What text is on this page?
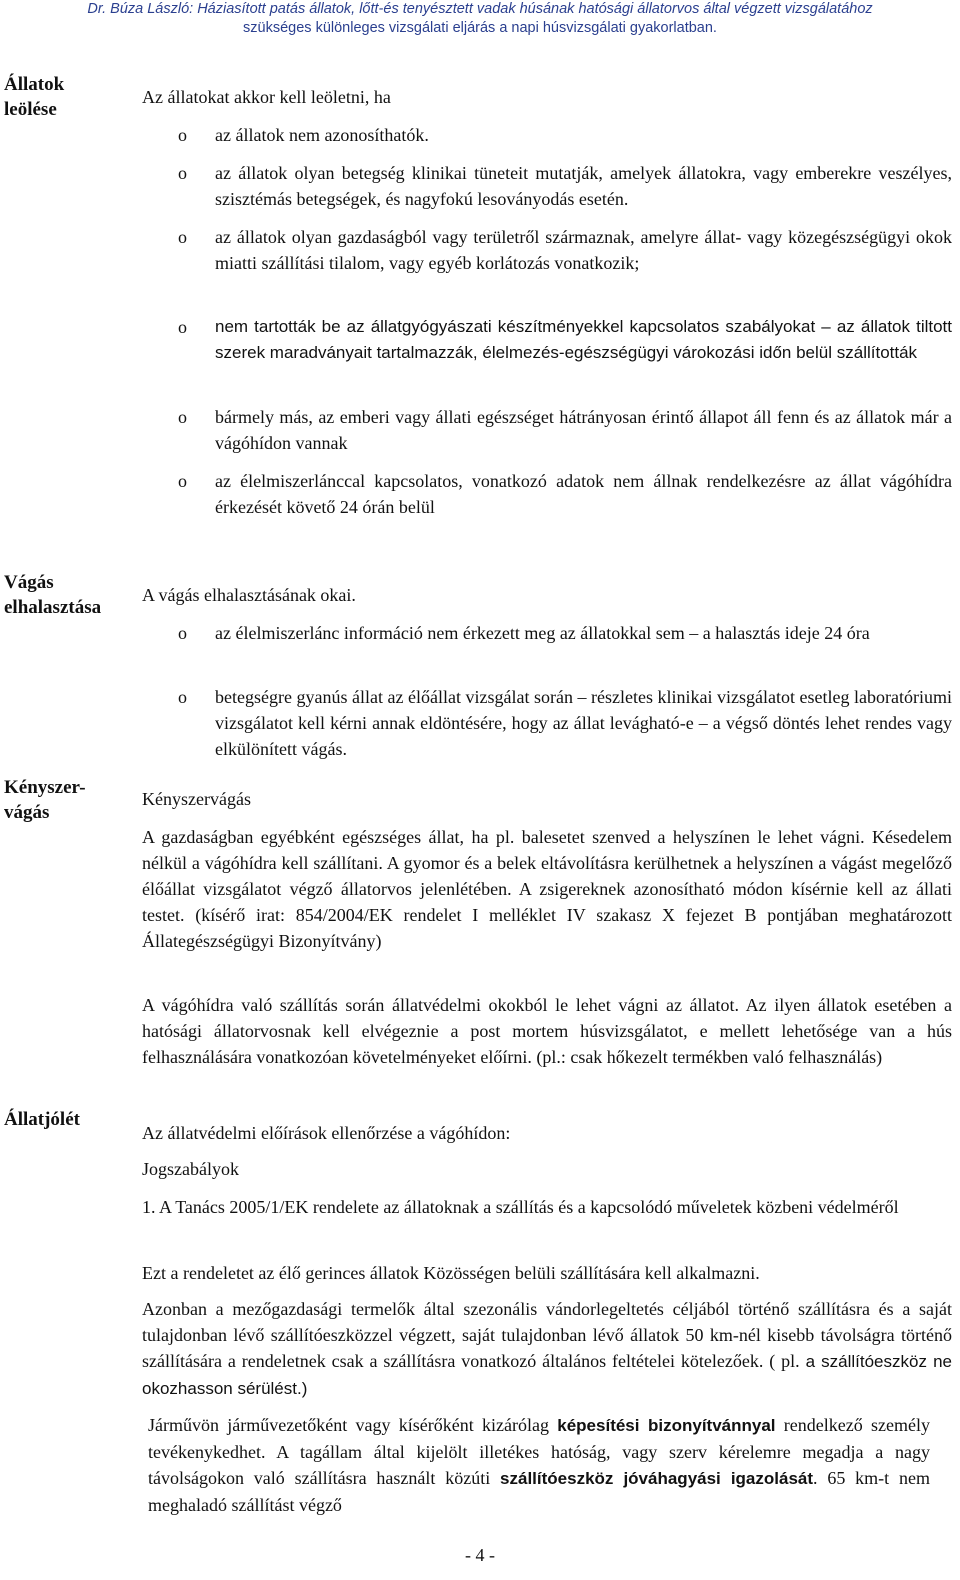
Dr. Búza László: Háziasított patás állatok, lőtt-és tenyésztett vadak húsának hatósági állatorvos által végzett vizsgálatához
szükséges különleges vizsgálati eljárás a napi húsvizsgálati gyakorlatban.
Állatok leölése
Vágás elhalasztása
Kényszer-vágás
Állatjólét
Az állatokat akkor kell leöletni, ha
o az állatok nem azonosíthatók.
o az állatok olyan betegség klinikai tüneteit mutatják, amelyek állatokra, vagy emberekre veszélyes, szisztémás betegségek, és nagyfokú lesoványodás esetén.
o az állatok olyan gazdaságból vagy területről származnak, amelyre állat- vagy közegészségügyi okok miatti szállítási tilalom, vagy egyéb korlátozás vonatkozik;
o nem tartották be az állatgyógyászati készítményekkel kapcsolatos szabályokat – az állatok tiltott szerek maradványait tartalmazzák, élelmezés-egészségügyi várokozási időn belül szállították
o bármely más, az emberi vagy állati egészséget hátrányosan érintő állapot áll fenn és az állatok már a vágóhídon vannak
o az élelmiszerlánccal kapcsolatos, vonatkozó adatok nem állnak rendelkezésre az állat vágóhídra érkezését követő 24 órán belül
A vágás elhalasztásának okai.
o az élelmiszerlánc információ nem érkezett meg az állatokkal sem – a halasztás ideje 24 óra
o betegségre gyanús állat az élőállat vizsgálat során – részletes klinikai vizsgálatot esetleg laboratóriumi vizsgálatot kell kérni annak eldöntésére, hogy az állat levágható-e – a végső döntés lehet rendes vagy elkülönített vágás.
Kényszervágás
A gazdaságban egyébként egészséges állat, ha pl. balesetet szenved a helyszínen le lehet vágni. Késedelem nélkül a vágóhídra kell szállítani. A gyomor és a belek eltávolításra kerülhetnek a helyszínen a vágást megelőző élőállat vizsgálatot végző állatorvos jelenlétében. A zsigereknek azonosítható módon kísérnie kell az állati testet. (kísérő irat: 854/2004/EK rendelet I melléklet IV szakasz X fejezet B pontjában meghatározott Állategészségügyi Bizonyítvány)
A vágóhídra való szállítás során állatvédelmi okokból le lehet vágni az állatot. Az ilyen állatok esetében a hatósági állatorvosnak kell elvégeznie a post mortem húsvizsgálatot, e mellett lehetősége van a hús felhasználására vonatkozóan követelményeket előírni. (pl.: csak hőkezelt termékben való felhasználás)
Az állatvédelmi előírások ellenőrzése a vágóhídon:
Jogszabályok
1. A Tanács 2005/1/EK rendelete az állatoknak a szállítás és a kapcsolódó műveletek közbeni védelméről
Ezt a rendeletet az élő gerinces állatok Közösségen belüli szállítására kell alkalmazni.
Azonban a mezőgazdasági termelők által szezonális vándorlegeltetés céljából történő szállításra és a saját tulajdonban lévő szállítóeszközzel végzett, saját tulajdonban lévő állatok 50 km-nél kisebb távolságra történő szállítására a rendeletnek csak a szállításra vonatkozó általános feltételei kötelezőek. ( pl. a szállítóeszköz ne okozhasson sérülést.)
Járművön járművezetőként vagy kísérőként kizárólag képesítési bizonyítvánnyal rendelkező személy tevékenykedhet. A tagállam által kijelölt illetékes hatóság, vagy szerv kérelemre megadja a nagy távolságokon való szállításra használt közúti szállítóeszköz jóváhagyási igazolását. 65 km-t nem meghaladó szállítást végző
- 4 -
